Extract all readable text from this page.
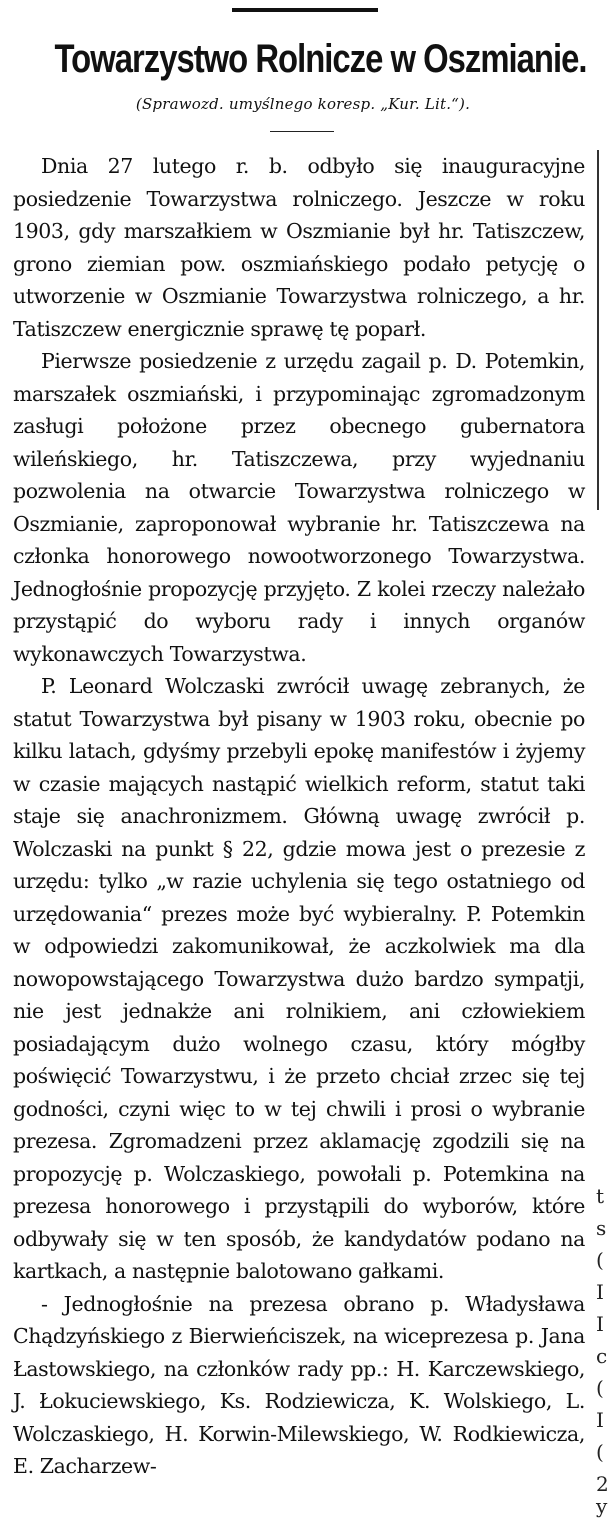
Towarzystwo Rolnicze w Oszmianie.
(Sprawozd. umyślnego koresp. „Kur. Lit.“).

Dnia 27 lutego r. b. odbyło się inauguracyjne posiedzenie Towarzystwa rolniczego. Jeszcze w roku 1903, gdy marszałkiem w Oszmianie był hr. Tatiszczew, grono ziemian pow. oszmiańskiego podało petycję o utworzenie w Oszmianie Towarzystwa rolniczego, a hr. Tatiszczew energicznie sprawę tę poparł.

Pierwsze posiedzenie z urzędu zagail p. D. Potemkin, marszałek oszmiański, i przypominając zgromadzonym zasługi położone przez obecnego gubernatora wileńskiego, hr. Tatiszczewa, przy wyjednaniu pozwolenia na otwarcie Towarzystwa rolniczego w Oszmianie, zaproponował wybranie hr. Tatiszczewa na członka honorowego nowootworzonego Towarzystwa. Jednogłośnie propozycję przyjęto. Z kolei rzeczy należało przystąpić do wyboru rady i innych organów wykonawczych Towarzystwa.

P. Leonard Wolczaski zwrócił uwagę zebranych, że statut Towarzystwa był pisany w 1903 roku, obecnie po kilku latach, gdyśmy przebyli epokę manifestów i żyjemy w czasie mających nastąpić wielkich reform, statut taki staje się anachronizmem. Główną uwagę zwrócił p. Wolczaski na punkt § 22, gdzie mowa jest o prezesie z urzędu: tylko „w razie uchylenia się tego ostatniego od urzędowania“ prezes może być wybieralny. P. Potemkin w odpowiedzi zakomunikował, że aczkolwiek ma dla nowopowstającego Towarzystwa dużo bardzo sympatji, nie jest jednakże ani rolnikiem, ani człowiekiem posiadającym dużo wolnego czasu, który mógłby poświęcić Towarzystwu, i że przeto chciał zrzec się tej godności, czyni więc to w tej chwili i prosi o wybranie prezesa. Zgromadzeni przez aklamację zgodzili się na propozycję p. Wolczaskiego, powołali p. Potemkina na prezesa honorowego i przystąpili do wyborów, które odbywały się w ten sposób, że kandydatów podano na kartkach, a następnie balotowano gałkami.

- Jednogłośnie na prezesa obrano p. Władysława Chądzyńskiego z Bierwieńciszek, na wiceprezesa p. Jana Łastowskiego, na członków rady pp.: H. Karczewskiego, J. Łokuciewskiego, Ks. Rodziewicza, K. Wolskiego, L. Wolczaskiego, H. Korwin-Milewskiego, W. Rodkiewicza, E. Zacharzew-

t
s
(
I
I
c
(
I
(
2
y
